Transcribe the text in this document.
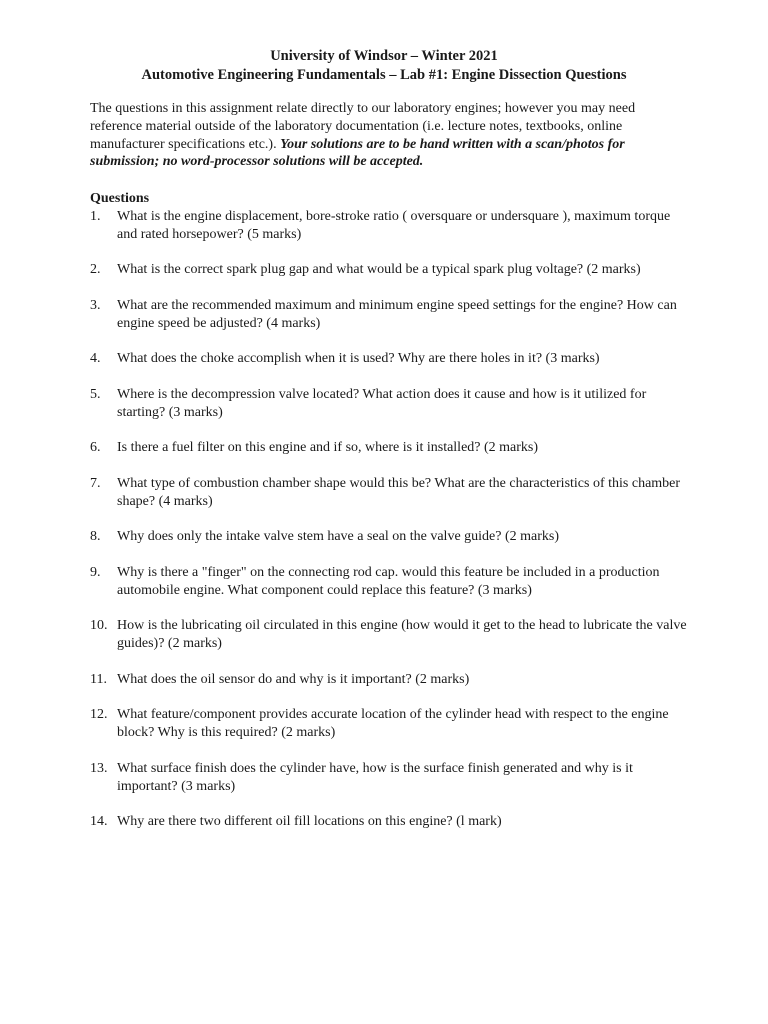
University of Windsor – Winter 2021
Automotive Engineering Fundamentals – Lab #1: Engine Dissection Questions
The questions in this assignment relate directly to our laboratory engines; however you may need reference material outside of the laboratory documentation (i.e. lecture notes, textbooks, online manufacturer specifications etc.). Your solutions are to be hand written with a scan/photos for submission; no word-processor solutions will be accepted.
Questions
1. What is the engine displacement, bore-stroke ratio ( oversquare or undersquare ), maximum torque and rated horsepower? (5 marks)
2. What is the correct spark plug gap and what would be a typical spark plug voltage? (2 marks)
3. What are the recommended maximum and minimum engine speed settings for the engine? How can engine speed be adjusted? (4 marks)
4. What does the choke accomplish when it is used? Why are there holes in it? (3 marks)
5. Where is the decompression valve located? What action does it cause and how is it utilized for starting? (3 marks)
6. Is there a fuel filter on this engine and if so, where is it installed? (2 marks)
7. What type of combustion chamber shape would this be? What are the characteristics of this chamber shape? (4 marks)
8. Why does only the intake valve stem have a seal on the valve guide? (2 marks)
9. Why is there a "finger" on the connecting rod cap. would this feature be included in a production automobile engine. What component could replace this feature? (3 marks)
10. How is the lubricating oil circulated in this engine (how would it get to the head to lubricate the valve guides)? (2 marks)
11. What does the oil sensor do and why is it important? (2 marks)
12. What feature/component provides accurate location of the cylinder head with respect to the engine block? Why is this required? (2 marks)
13. What surface finish does the cylinder have, how is the surface finish generated and why is it important? (3 marks)
14. Why are there two different oil fill locations on this engine? (l mark)
